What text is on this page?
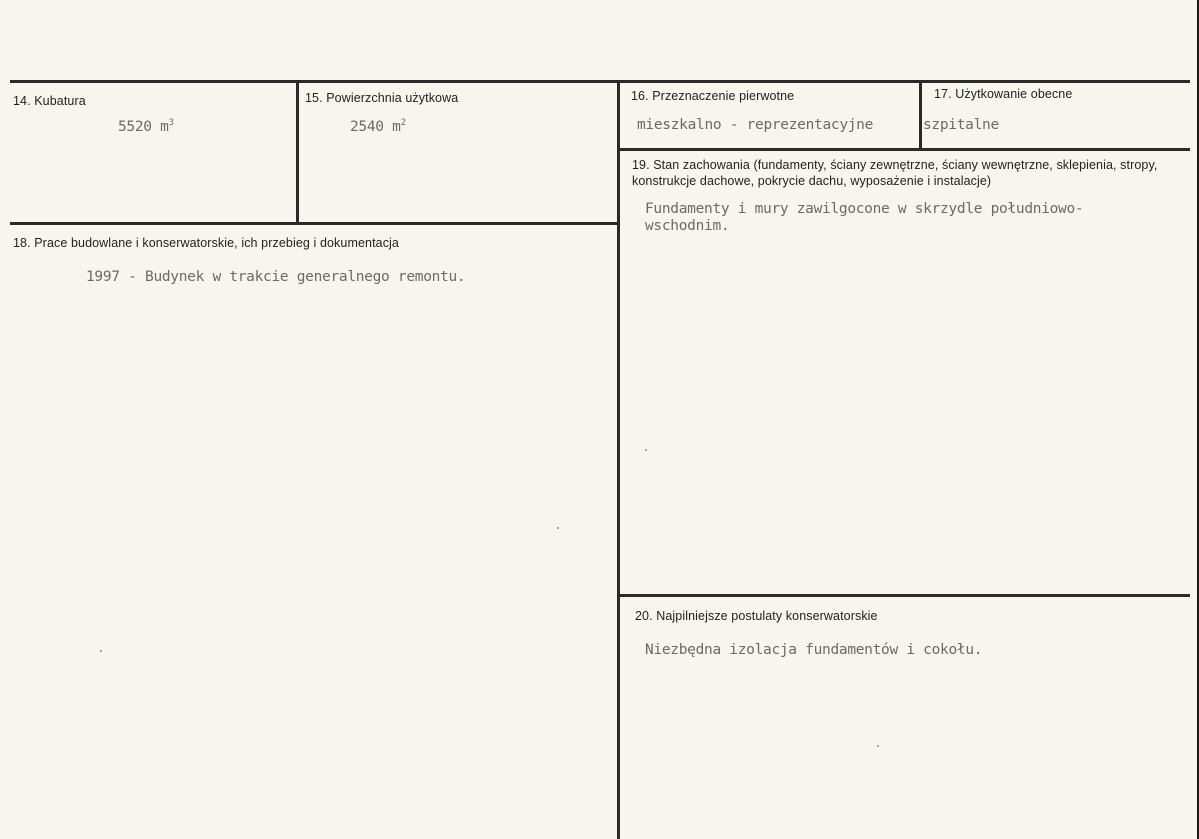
14. Kubatura
5520 $m^3$
15. Powierzchnia użytkowa
2540 $m^2$
16. Przeznaczenie pierwotne
mieszkalno - reprezentacyjne
17. Użytkowanie obecne
szpitalne
18. Prace budowlane i konserwatorskie, ich przebieg i dokumentacja
1997 - Budynek w trakcie generalnego remontu.
19. Stan zachowania (fundamenty, ściany zewnętrzne, ściany wewnętrzne, sklepienia, stropy, konstrukcje dachowe, pokrycie dachu, wyposażenie i instalacje)
Fundamenty i mury zawilgocone w skrzydle południowo-wschodnim.
20. Najpilniejsze postulaty konserwatorskie
Niezbędna izolacja fundamentów i cokołu.
